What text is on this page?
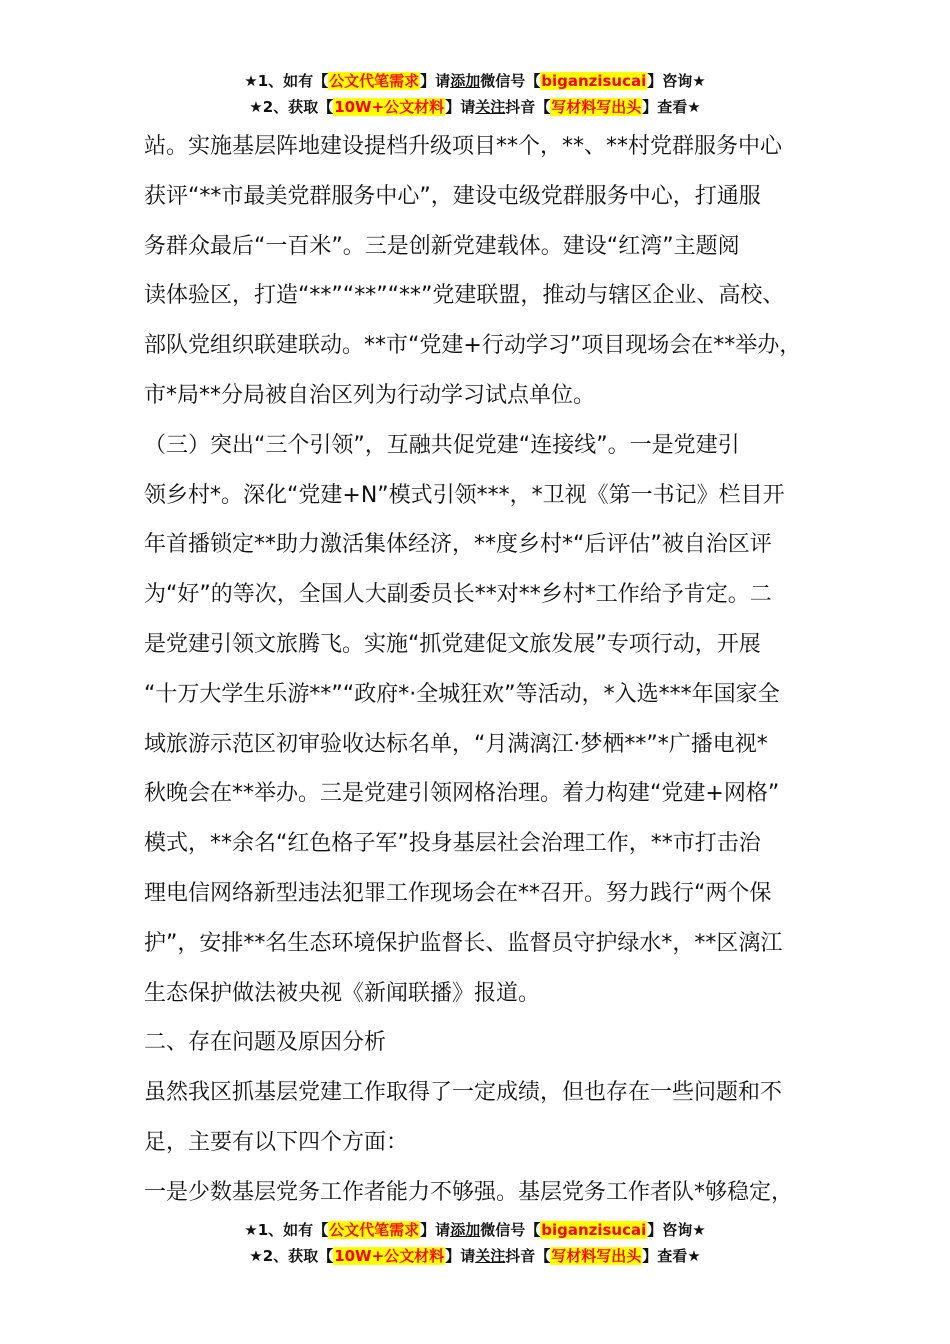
★1、如有【公文代笔需求】请添加微信号【biganzisucai】咨询★
★2、获取【10W+公文材料】请关注抖音【写材料写出头】查看★

站。实施基层阵地建设提档升级项目**个，**、**村党群服务中心

获评“**市最美党群服务中心”，建设屯级党群服务中心，打通服

务群众最后“一百米”。三是创新党建载体。建设“红湾”主题阅

读体验区，打造“**”“**”“**”党建联盟，推动与辖区企业、高校、

部队党组织联建联动。**市“党建+行动学习”项目现场会在**举办，

市*局**分局被自治区列为行动学习试点单位。

（三）突出“三个引领”，互融共促党建“连接线”。一是党建引

领乡村*。深化“党建+N”模式引领***，*卫视《第一书记》栏目开

年首播锁定**助力激活集体经济，**度乡村*“后评估”被自治区评

为“好”的等次，全国人大副委员长**对**乡村*工作给予肯定。二

是党建引领文旅腾飞。实施“抓党建促文旅发展”专项行动，开展

“十万大学生乐游**”“政府*·全城狂欢”等活动，*入选***年国家全

域旅游示范区初审验收达标名单，“月满漓江·梦栖**”*广播电视*

秋晚会在**举办。三是党建引领网格治理。着力构建“党建+网格”

模式，**余名“红色格子军”投身基层社会治理工作，**市打击治

理电信网络新型违法犯罪工作现场会在**召开。努力践行“两个保

护”，安排**名生态环境保护监督长、监督员守护绿水*，**区漓江

生态保护做法被央视《新闻联播》报道。

二、存在问题及原因分析

虽然我区抓基层党建工作取得了一定成绩，但也存在一些问题和不

足，主要有以下四个方面：

一是少数基层党务工作者能力不够强。基层党务工作者队*够稳定，

★1、如有【公文代笔需求】请添加微信号【biganzisucai】咨询★
★2、获取【10W+公文材料】请关注抖音【写材料写出头】查看★
